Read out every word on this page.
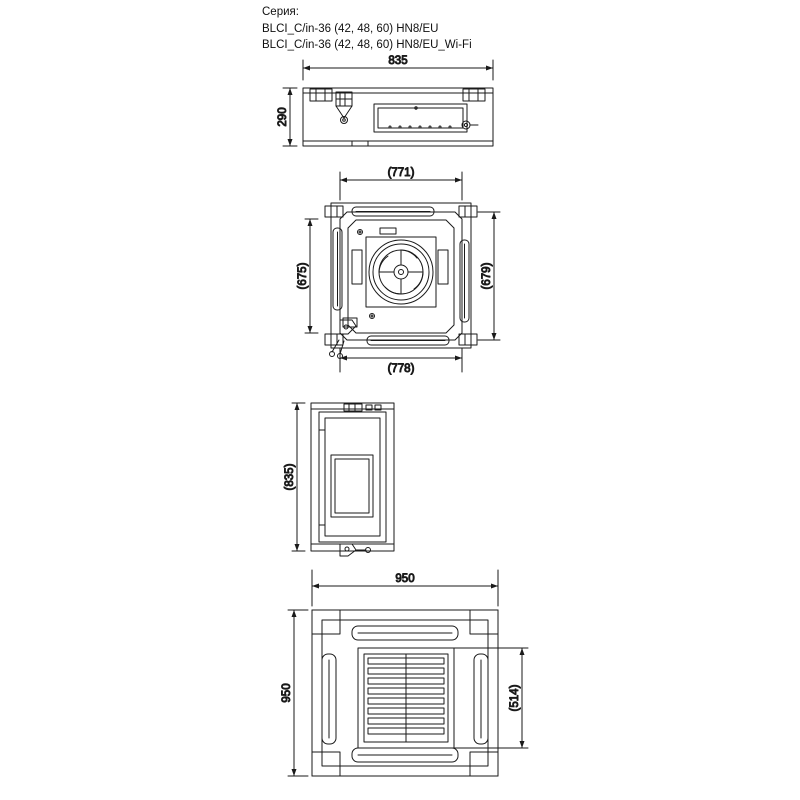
Серия:
BLCI_C/in-36 (42, 48, 60) HN8/EU
BLCI_C/in-36 (42, 48, 60) HN8/EU_Wi-Fi
835
290
(771)
(675)	(679)
(778)
(835)
950
950	(514)
